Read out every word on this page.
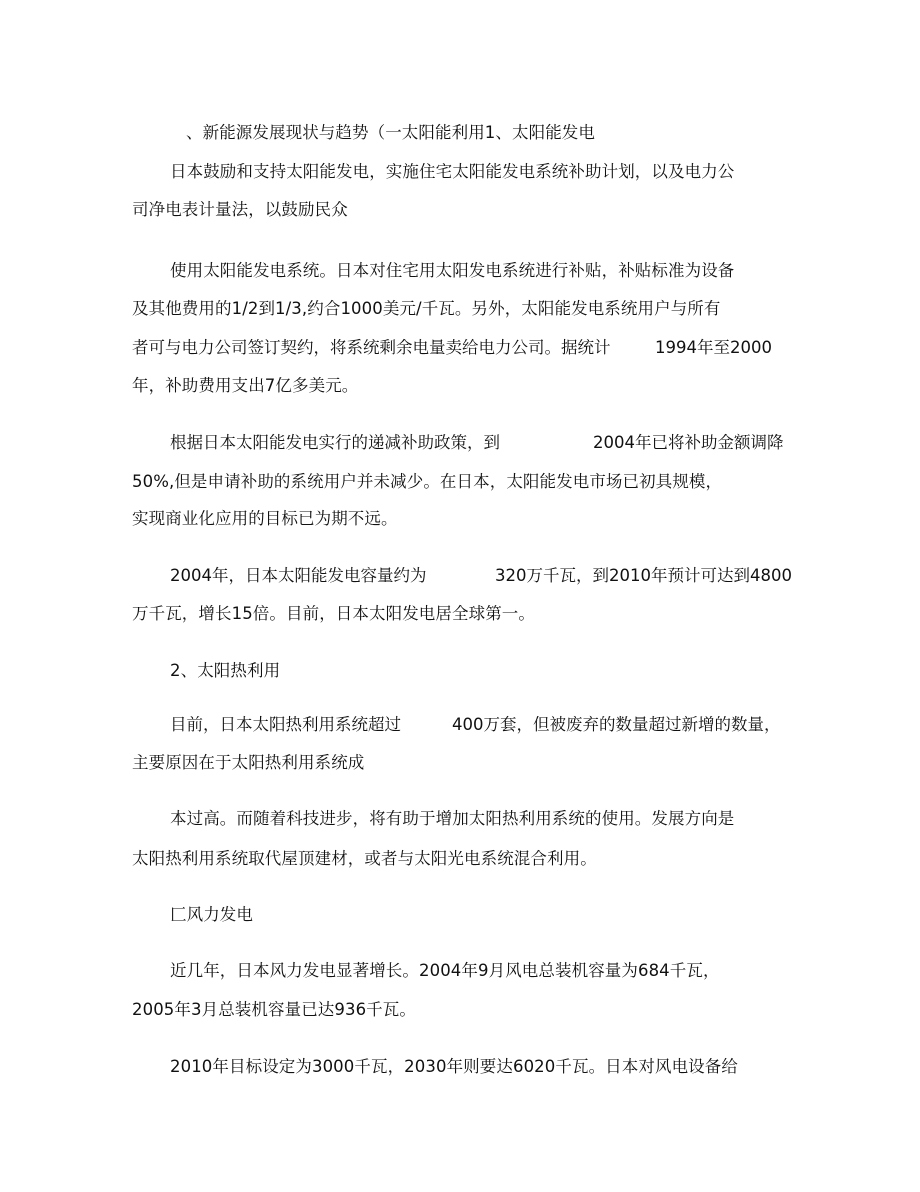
、新能源发展现状与趋势（一太阳能利用1、太阳能发电
日本鼓励和支持太阳能发电，实施住宅太阳能发电系统补助计划，以及电力公
司净电表计量法，以鼓励民众
使用太阳能发电系统。日本对住宅用太阳发电系统进行补贴，补贴标准为设备
及其他费用的1/2到1/3,约合1000美元/千瓦。另外，太阳能发电系统用户与所有
者可与电力公司签订契约，将系统剩余电量卖给电力公司。据统计	1994年至2000
年，补助费用支出7亿多美元。
根据日本太阳能发电实行的递减补助政策，到	2004年已将补助金额调降
50%,但是申请补助的系统用户并未减少。在日本，太阳能发电市场已初具规模，
实现商业化应用的目标已为期不远。
2004年，日本太阳能发电容量约为	320万千瓦，到2010年预计可达到4800
万千瓦，增长15倍。目前，日本太阳发电居全球第一。
2、太阳热利用
目前，日本太阳热利用系统超过	400万套，但被废弃的数量超过新增的数量，
主要原因在于太阳热利用系统成
本过高。而随着科技进步，将有助于增加太阳热利用系统的使用。发展方向是
太阳热利用系统取代屋顶建材，或者与太阳光电系统混合利用。
匚风力发电
近几年，日本风力发电显著增长。2004年9月风电总装机容量为684千瓦，
2005年3月总装机容量已达936千瓦。
2010年目标设定为3000千瓦，2030年则要达6020千瓦。日本对风电设备给
